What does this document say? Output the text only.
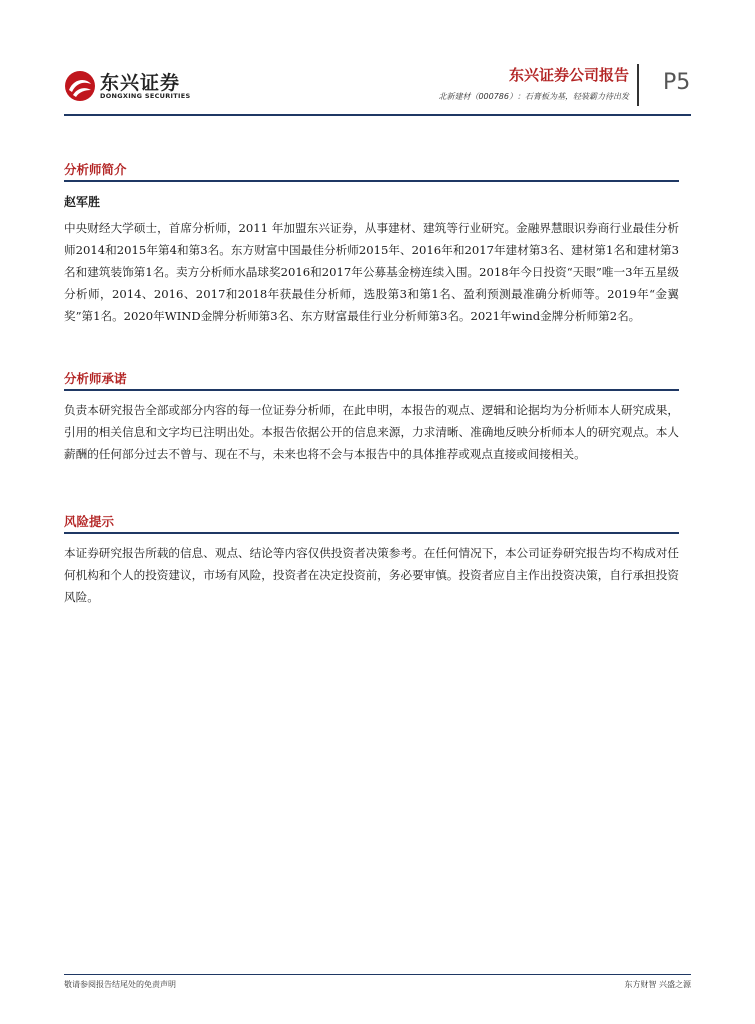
东兴证券
DONGXING SECURITIES
东兴证券公司报告
北新建材（000786）：石膏板为基，轻装霸力待出发
P5
分析师简介
赵军胜

中央财经大学硕士，首席分析师，2011 年加盟东兴证券，从事建材、建筑等行业研究。金融界慧眼识券商行业最佳分析师2014和2015年第4和第3名。东方财富中国最佳分析师2015年、2016年和2017年建材第3名、建材第1名和建材第3名和建筑装饰第1名。卖方分析师水晶球奖2016和2017年公募基金榜连续入围。2018年今日投资“天眼”唯一3年五星级分析师，2014、2016、2017和2018年获最佳分析师，选股第3和第1名、盈利预测最准确分析师等。2019年“金翼奖”第1名。2020年WIND金牌分析师第3名、东方财富最佳行业分析师第3名。2021年wind金牌分析师第2名。

分析师承诺

负责本研究报告全部或部分内容的每一位证券分析师，在此申明，本报告的观点、逻辑和论据均为分析师本人研究成果，引用的相关信息和文字均已注明出处。本报告依据公开的信息来源，力求清晰、准确地反映分析师本人的研究观点。本人薪酬的任何部分过去不曾与、现在不与，未来也将不会与本报告中的具体推荐或观点直接或间接相关。

风险提示

本证券研究报告所载的信息、观点、结论等内容仅供投资者决策参考。在任何情况下，本公司证券研究报告均不构成对任何机构和个人的投资建议，市场有风险，投资者在决定投资前，务必要审慎。投资者应自主作出投资决策，自行承担投资风险。

敬请参阅报告结尾处的免责声明	东方财智 兴盛之源
